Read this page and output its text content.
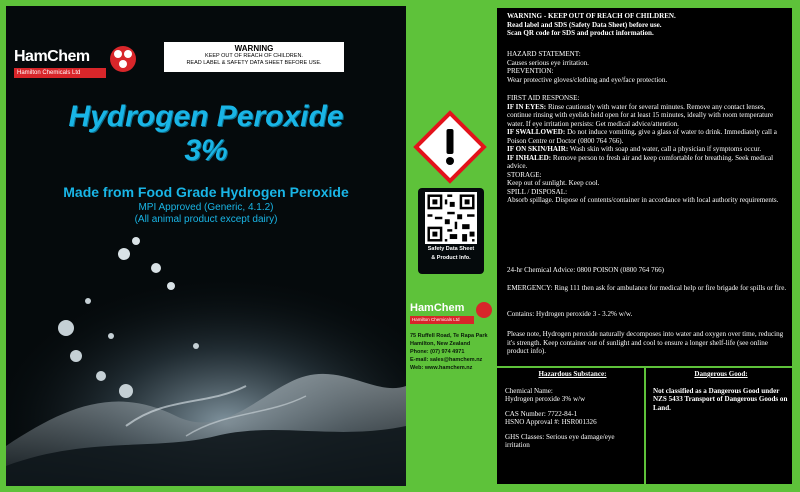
HamChem
Hamilton Chemicals Ltd
WARNING
KEEP OUT OF REACH OF CHILDREN.
READ LABEL & SAFETY DATA SHEET BEFORE USE.
Hydrogen Peroxide
3%
Made from Food Grade Hydrogen Peroxide
MPI Approved (Generic, 4.1.2)
(All animal product except dairy)
Safety Data Sheet
& Product Info.
HamChem
Hamilton Chemicals Ltd
75 Ruffell Road, Te Rapa Park
Hamilton, New Zealand
Phone: (07) 974 4971
E-mail: sales@hamchem.nz
Web: www.hamchem.nz
WARNING - KEEP OUT OF REACH OF CHILDREN.
Read label and SDS (Safety Data Sheet) before use.
Scan QR code for SDS and product information.
HAZARD STATEMENT:
Causes serious eye irritation.
PREVENTION:
Wear protective gloves/clothing and eye/face protection.
FIRST AID RESPONSE:
IF IN EYES: Rinse cautiously with water for several minutes. Remove any contact lenses, continue rinsing with eyelids held open for at least 15 minutes, ideally with room temperature water. If eye irritation persists: Get medical advice/attention.
IF SWALLOWED: Do not induce vomiting, give a glass of water to drink. Immediately call a Poison Centre or Doctor (0800 764 766).
IF ON SKIN/HAIR: Wash skin with soap and water, call a physician if symptoms occur.
IF INHALED: Remove person to fresh air and keep comfortable for breathing. Seek medical advice.
STORAGE:
Keep out of sunlight. Keep cool.
SPILL / DISPOSAL:
Absorb spillage. Dispose of contents/container in accordance with local authority requirements.
24-hr Chemical Advice: 0800 POISON (0800 764 766)
EMERGENCY: Ring 111 then ask for ambulance for medical help or fire brigade for spills or fire.
Contains: Hydrogen peroxide 3 - 3.2% w/w.
Please note, Hydrogen peroxide naturally decomposes into water and oxygen over time, reducing it's strength. Keep container out of sunlight and cool to ensure a longer shelf-life (see online product info).
Hazardous Substance:
Chemical Name:
Hydrogen peroxide 3% w/w
CAS Number: 7722-84-1
HSNO Approval #: HSR001326
GHS Classes: Serious eye damage/eye irritation
Dangerous Good:
Not classified as a Dangerous Good under NZS 5433 Transport of Dangerous Goods on Land.
